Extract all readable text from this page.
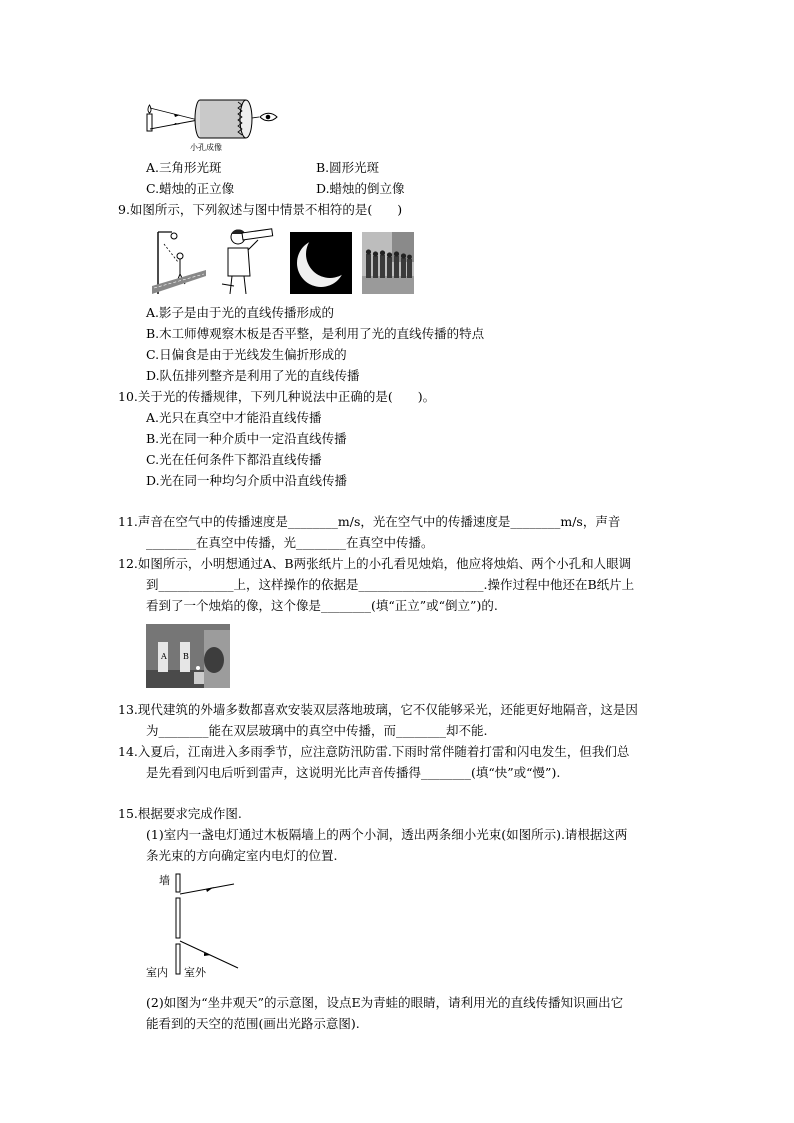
小孔成像
A.三角形光斑	B.圆形光斑
C.蜡烛的正立像	D.蜡烛的倒立像
9.如图所示，下列叙述与图中情景不相符的是(　　)
A.影子是由于光的直线传播形成的
B.木工师傅观察木板是否平整，是利用了光的直线传播的特点
C.日偏食是由于光线发生偏折形成的
D.队伍排列整齐是利用了光的直线传播
10.关于光的传播规律，下列几种说法中正确的是(　　)。
A.光只在真空中才能沿直线传播
B.光在同一种介质中一定沿直线传播
C.光在任何条件下都沿直线传播
D.光在同一种均匀介质中沿直线传播
11.声音在空气中的传播速度是________m/s，光在空气中的传播速度是________m/s，声音
________在真空中传播，光________在真空中传播。
12.如图所示，小明想通过A、B两张纸片上的小孔看见烛焰，他应将烛焰、两个小孔和人眼调
到____________上，这样操作的依据是____________________.操作过程中他还在B纸片上
看到了一个烛焰的像，这个像是________(填“正立”或“倒立”)的.
A B
13.现代建筑的外墙多数都喜欢安装双层落地玻璃，它不仅能够采光，还能更好地隔音，这是因
为________能在双层玻璃中的真空中传播，而________却不能.
14.入夏后，江南进入多雨季节，应注意防汛防雷.下雨时常伴随着打雷和闪电发生，但我们总
是先看到闪电后听到雷声，这说明光比声音传播得________(填“快”或“慢”).
15.根据要求完成作图.
(1)室内一盏电灯通过木板隔墙上的两个小洞，透出两条细小光束(如图所示).请根据这两
条光束的方向确定室内电灯的位置.
墙
室内 室外
(2)如图为“坐井观天”的示意图，设点E为青蛙的眼睛，请利用光的直线传播知识画出它
能看到的天空的范围(画出光路示意图).
